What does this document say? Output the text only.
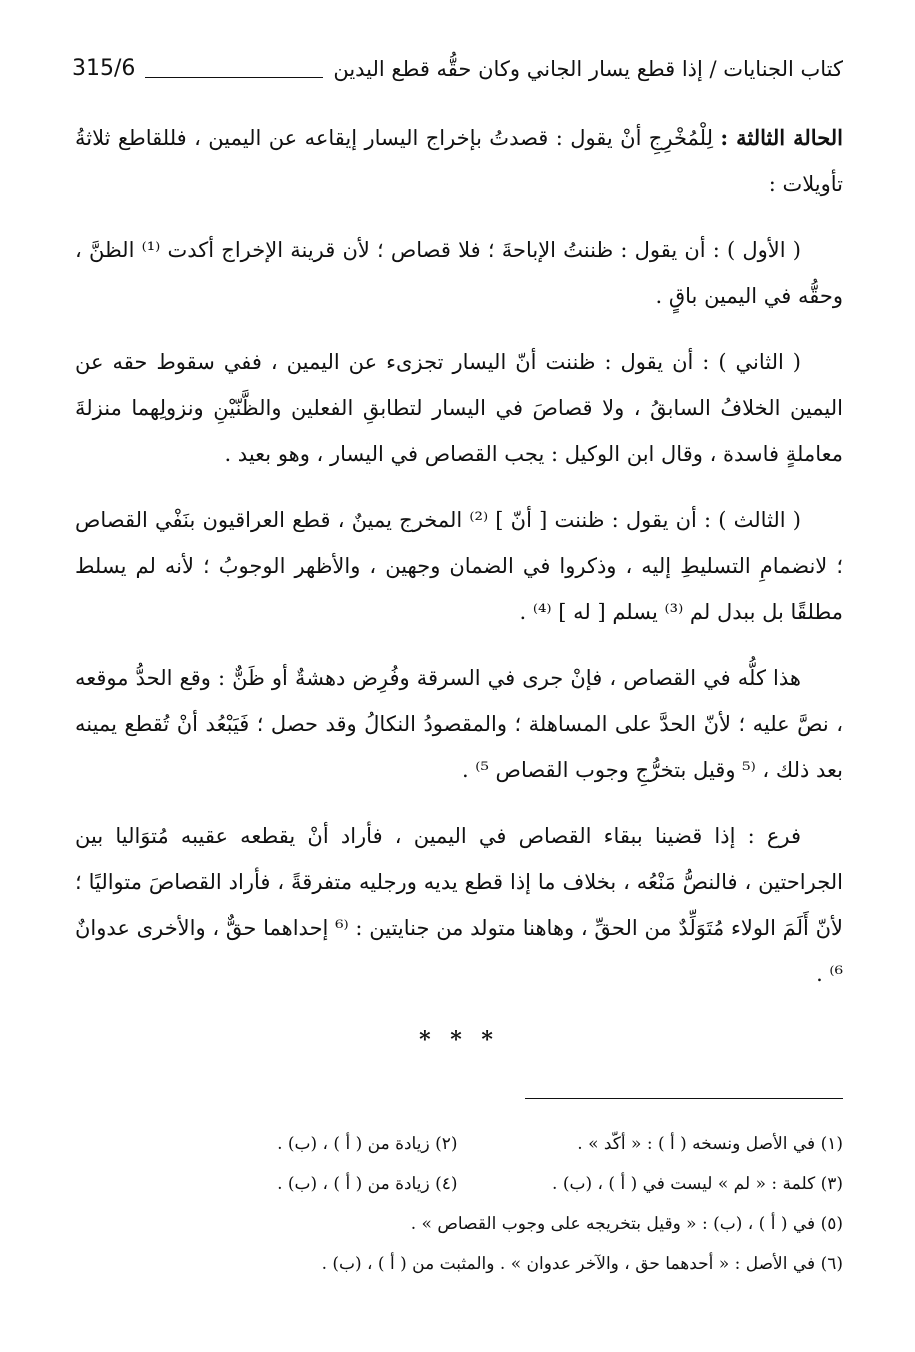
315/6	كتاب الجنايات / إذا قطع يسار الجاني وكان حقُّه قطع اليدين

الحالة الثالثة : لِلْمُخْرِجِ أنْ يقول : قصدتُ بإخراج اليسار إيقاعه عن اليمين ، فللقاطع ثلاثةُ تأويلات :

( الأول ) : أن يقول : ظننتُ الإباحةَ ؛ فلا قصاص ؛ لأن قرينة الإخراج أكدت ⁽¹⁾ الظنَّ ، وحقُّه في اليمين باقٍ .

( الثاني ) : أن يقول : ظننت أنّ اليسار تجزىء عن اليمين ، ففي سقوط حقه عن اليمين الخلافُ السابقُ ، ولا قصاصَ في اليسار لتطابقِ الفعلين والظَّنّيْنِ ونزولِهما منزلةَ معاملةٍ فاسدة ، وقال ابن الوكيل : يجب القصاص في اليسار ، وهو بعيد .

( الثالث ) : أن يقول : ظننت [ أنّ ] ⁽²⁾ المخرج يمينٌ ، قطع العراقيون بنَفْي القصاص ؛ لانضمامِ التسليطِ إليه ، وذكروا في الضمان وجهين ، والأظهر الوجوبُ ؛ لأنه لم يسلط مطلقًا بل ببدل لم ⁽³⁾ يسلم [ له ] ⁽⁴⁾ .

هذا كلُّه في القصاص ، فإنْ جرى في السرقة وفُرِض دهشةٌ أو ظَنٌّ : وقع الحدُّ موقعه ، نصَّ عليه ؛ لأنّ الحدَّ على المساهلة ؛ والمقصودُ النكالُ وقد حصل ؛ فَيَبْعُد أنْ تُقطع يمينه بعد ذلك ، ⁽⁵ وقيل بتخرُّجِ وجوب القصاص ⁵⁾ .

فرع : إذا قضينا ببقاء القصاص في اليمين ، فأراد أنْ يقطعه عقيبه مُتوَاليا بين الجراحتين ، فالنصُّ مَنْعُه ، بخلاف ما إذا قطع يديه ورجليه متفرقةً ، فأراد القصاصَ متواليًا ؛ لأنّ أَلَمَ الولاء مُتَوَلِّدٌ من الحقِّ ، وهاهنا متولد من جنايتين : ⁽⁶ إحداهما حقٌّ ، والأخرى عدوانٌ ⁶⁾ .

* * *
(١) في الأصل ونسخه ( أ ) : « أكّد » .
(٢) زيادة من ( أ ) ، (ب) .
(٣) كلمة : « لم » ليست في ( أ ) ، (ب) .
(٤) زيادة من ( أ ) ، (ب) .
(٥) في ( أ ) ، (ب) : « وقيل بتخريجه على وجوب القصاص » .
(٦) في الأصل : « أحدهما حق ، والآخر عدوان » . والمثبت من ( أ ) ، (ب) .
